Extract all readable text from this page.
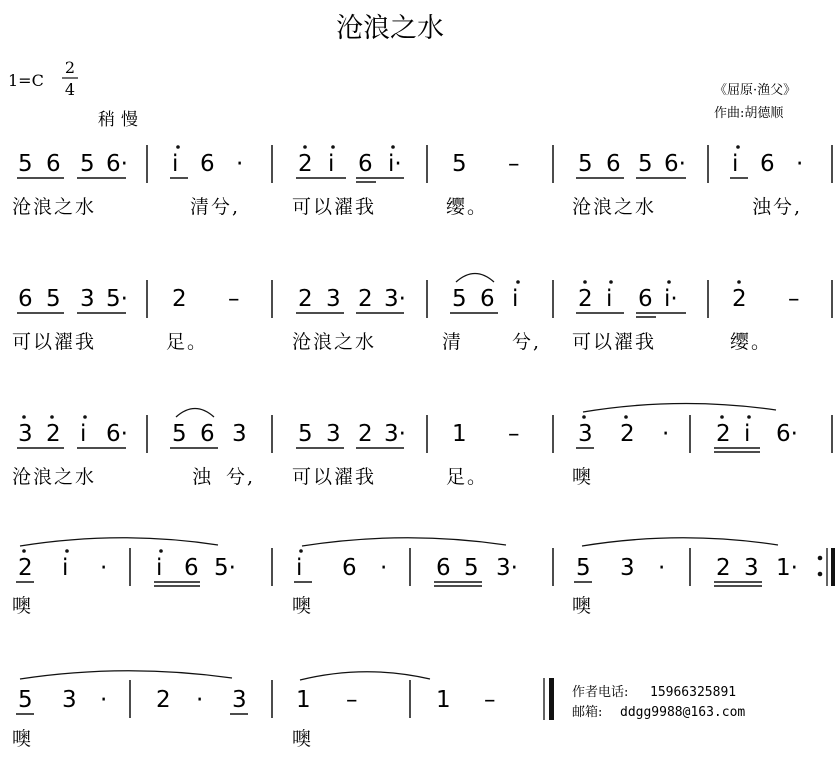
沧浪之水
1=C
2
4
稍慢
《屈原·渔父》
作曲:胡德顺
5 6 5 6· i 6 · 2 i 6 i· 5 –	5 6 5 6· i 6 ·
沧浪之水	清兮,	可以濯我	缨。	沧浪之水	浊兮,
6 5 3 5· 2 –	2 3 2 3· 5 6 i	2 i 6 i· 2 –
可以濯我	足。	沧浪之水	清	兮, 可以濯我	缨。
3 2 i 6· 5 6 3 5 3 2 3· 1 –	3 2 · 2 i 6·
沧浪之水	浊 兮, 可以濯我	足。	噢
2 i · i 6 5·	i 6 · 6 5 3·	5 3 · 2 3 1·
噢	噢	噢
5 3 · 2 · 3 1 –	1 –
噢	噢
作者电话: 15966325891
邮箱: ddgg9988@163.com
